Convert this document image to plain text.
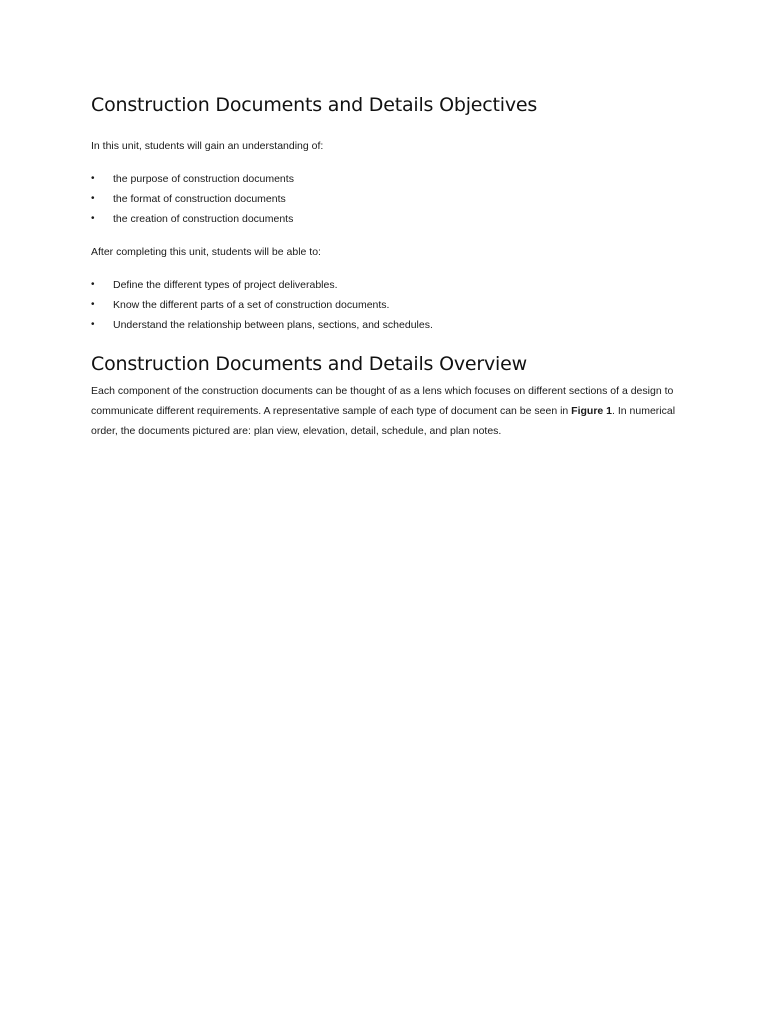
Construction Documents and Details Objectives

In this unit, students will gain an understanding of:

• the purpose of construction documents
• the format of construction documents
• the creation of construction documents

After completing this unit, students will be able to:

• Define the different types of project deliverables.
• Know the different parts of a set of construction documents.
• Understand the relationship between plans, sections, and schedules.
Construction Documents and Details Overview

Each component of the construction documents can be thought of as a lens which focuses on different sections of a design to communicate different requirements. A representative sample of each type of document can be seen in Figure 1. In numerical order, the documents pictured are: plan view, elevation, detail, schedule, and plan notes.
